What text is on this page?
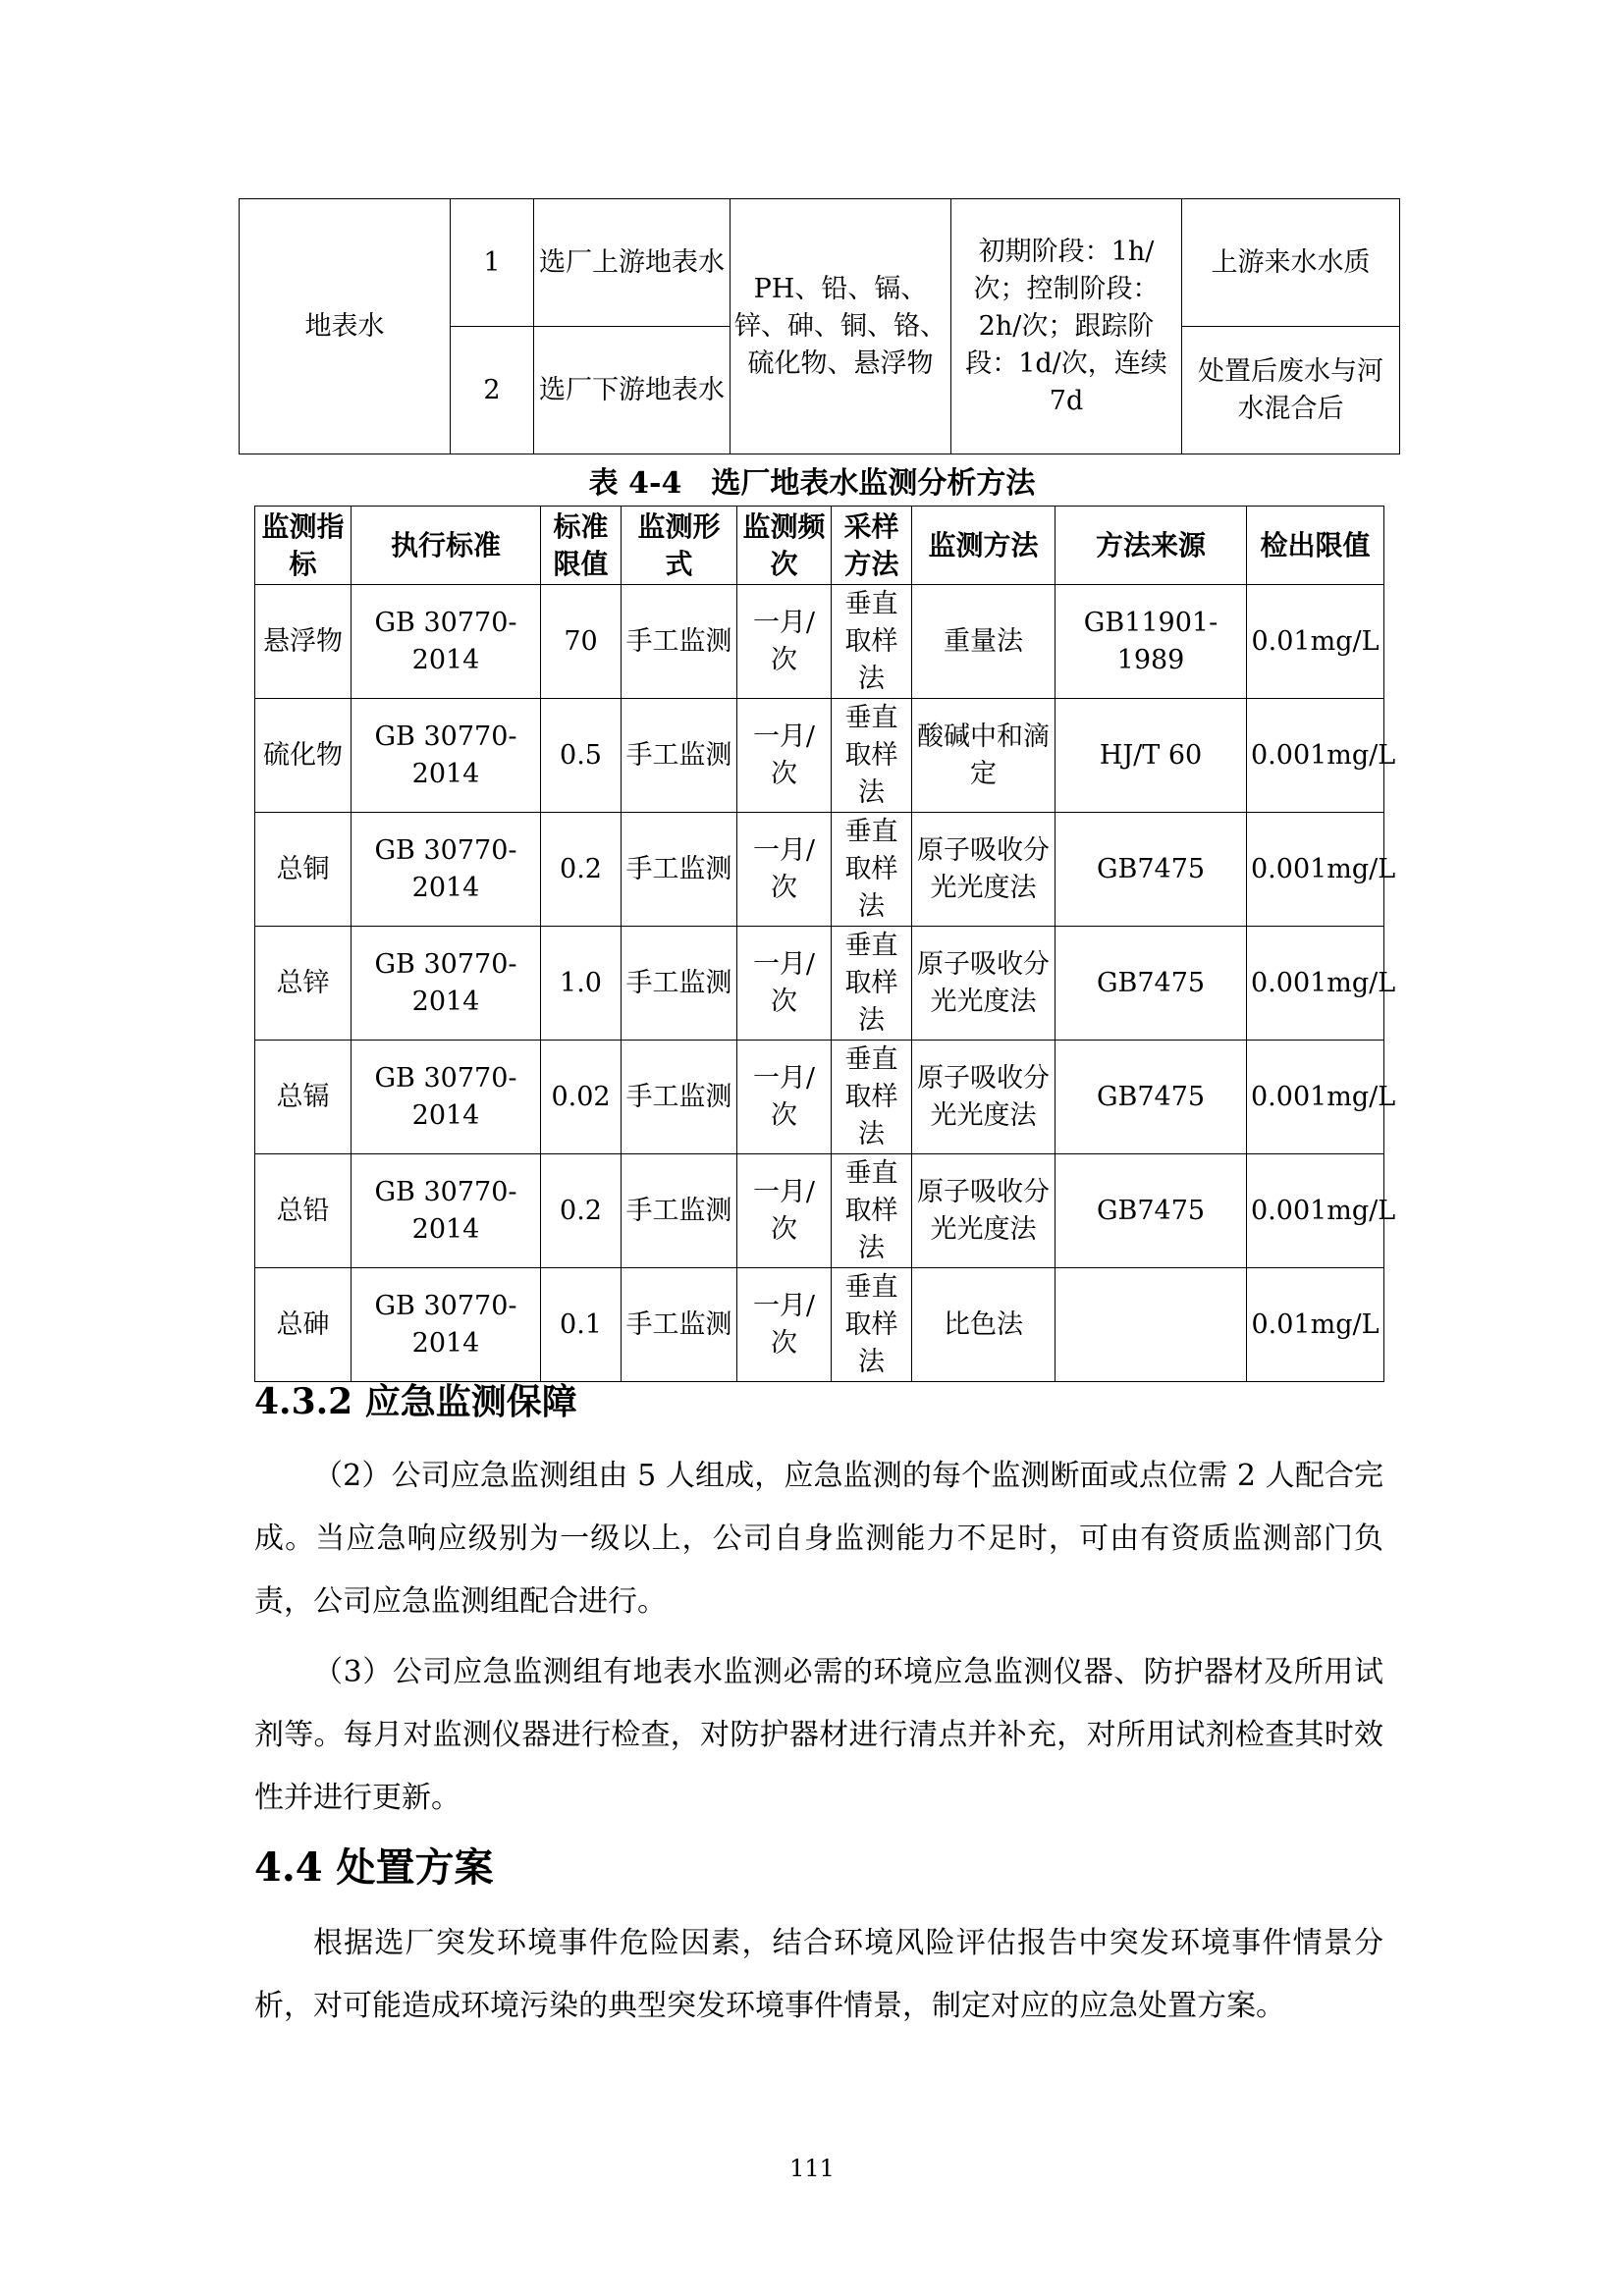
地表水	1	选厂上游地表水	PH、铅、镉、锌、砷、铜、铬、硫化物、悬浮物	初期阶段：1h/次；控制阶段：2h/次；跟踪阶段：1d/次，连续 7d	上游来水水质
	2	选厂下游地表水			处置后废水与河水混合后
表 4-4　选厂地表水监测分析方法
监测指标	执行标准	标准限值	监测形式	监测频次	采样方法	监测方法	方法来源	检出限值
悬浮物	GB 30770-2014	70	手工监测	一月/次	垂直取样法	重量法	GB11901-1989	0.01mg/L
硫化物	GB 30770-2014	0.5	手工监测	一月/次	垂直取样法	酸碱中和滴定	HJ/T 60	0.001mg/L
总铜	GB 30770-2014	0.2	手工监测	一月/次	垂直取样法	原子吸收分光光度法	GB7475	0.001mg/L
总锌	GB 30770-2014	1.0	手工监测	一月/次	垂直取样法	原子吸收分光光度法	GB7475	0.001mg/L
总镉	GB 30770-2014	0.02	手工监测	一月/次	垂直取样法	原子吸收分光光度法	GB7475	0.001mg/L
总铅	GB 30770-2014	0.2	手工监测	一月/次	垂直取样法	原子吸收分光光度法	GB7475	0.001mg/L
总砷	GB 30770-2014	0.1	手工监测	一月/次	垂直取样法	比色法		0.01mg/L
4.3.2 应急监测保障

（2）公司应急监测组由 5 人组成，应急监测的每个监测断面或点位需 2 人配合完成。当应急响应级别为一级以上，公司自身监测能力不足时，可由有资质监测部门负责，公司应急监测组配合进行。

（3）公司应急监测组有地表水监测必需的环境应急监测仪器、防护器材及所用试剂等。每月对监测仪器进行检查，对防护器材进行清点并补充，对所用试剂检查其时效性并进行更新。

4.4 处置方案

根据选厂突发环境事件危险因素，结合环境风险评估报告中突发环境事件情景分 析，对可能造成环境污染的典型突发环境事件情景，制定对应的应急处置方案。

111
